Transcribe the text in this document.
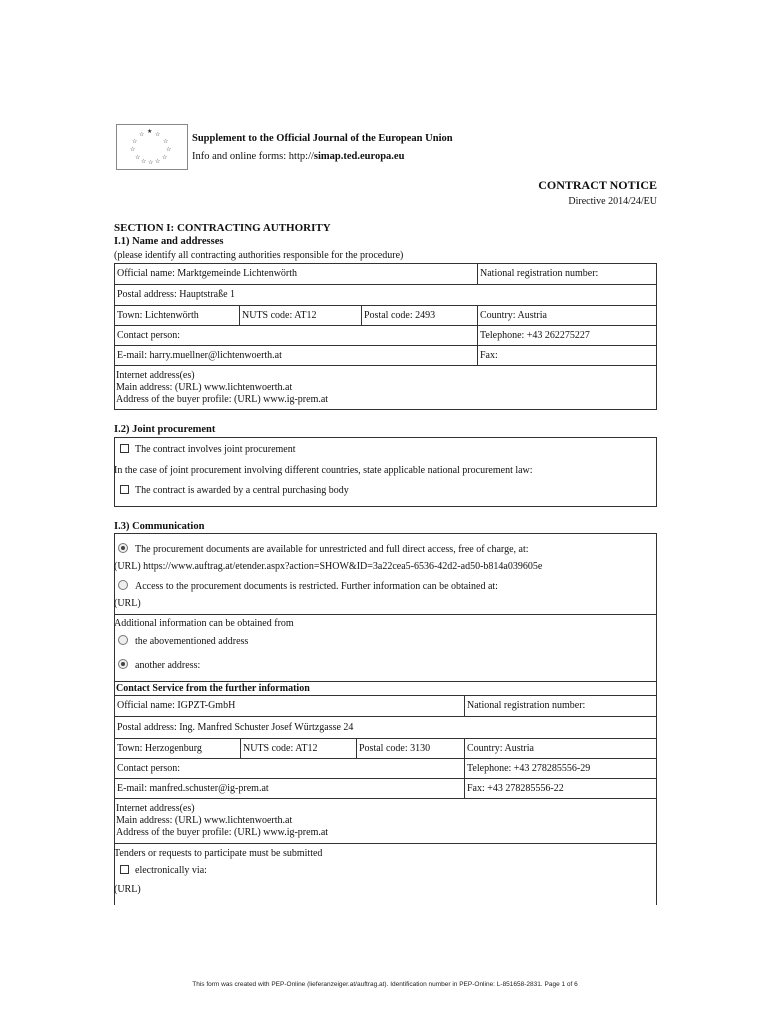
★
☆ ☆
☆	☆
☆	☆
☆	☆
☆ ☆ ☆
Supplement to the Official Journal of the European Union
Info and online forms: http://simap.ted.europa.eu
CONTRACT NOTICE
Directive 2014/24/EU
SECTION I: CONTRACTING AUTHORITY
I.1) Name and addresses
(please identify all contracting authorities responsible for the procedure)
Official name: Marktgemeinde Lichtenwörth	National registration number:
Postal address: Hauptstraße 1
Town: Lichtenwörth	NUTS code: AT12	Postal code: 2493	Country: Austria
Contact person:	Telephone: +43 262275227
E-mail: harry.muellner@lichtenwoerth.at	Fax:
Internet address(es)
Main address: (URL) www.lichtenwoerth.at
Address of the buyer profile: (URL) www.ig-prem.at
I.2) Joint procurement
The contract involves joint procurement
In the case of joint procurement involving different countries, state applicable national procurement law:
The contract is awarded by a central purchasing body
I.3) Communication
The procurement documents are available for unrestricted and full direct access, free of charge, at:
(URL) https://www.auftrag.at/etender.aspx?action=SHOW&ID=3a22cea5-6536-42d2-ad50-b814a039605e
Access to the procurement documents is restricted. Further information can be obtained at:
(URL)
Additional information can be obtained from
the abovementioned address
another address:
Contact Service from the further information
Official name: IGPZT-GmbH	National registration number:
Postal address: Ing. Manfred Schuster Josef Würtzgasse 24
Town: Herzogenburg	NUTS code: AT12	Postal code: 3130	Country: Austria
Contact person:	Telephone: +43 278285556-29
E-mail: manfred.schuster@ig-prem.at	Fax: +43 278285556-22
Internet address(es)
Main address: (URL) www.lichtenwoerth.at
Address of the buyer profile: (URL) www.ig-prem.at
Tenders or requests to participate must be submitted
electronically via:
(URL)
This form was created with PEP-Online (lieferanzeiger.at/auftrag.at). Identification number in PEP-Online: L-851658-2831. Page 1 of 6
